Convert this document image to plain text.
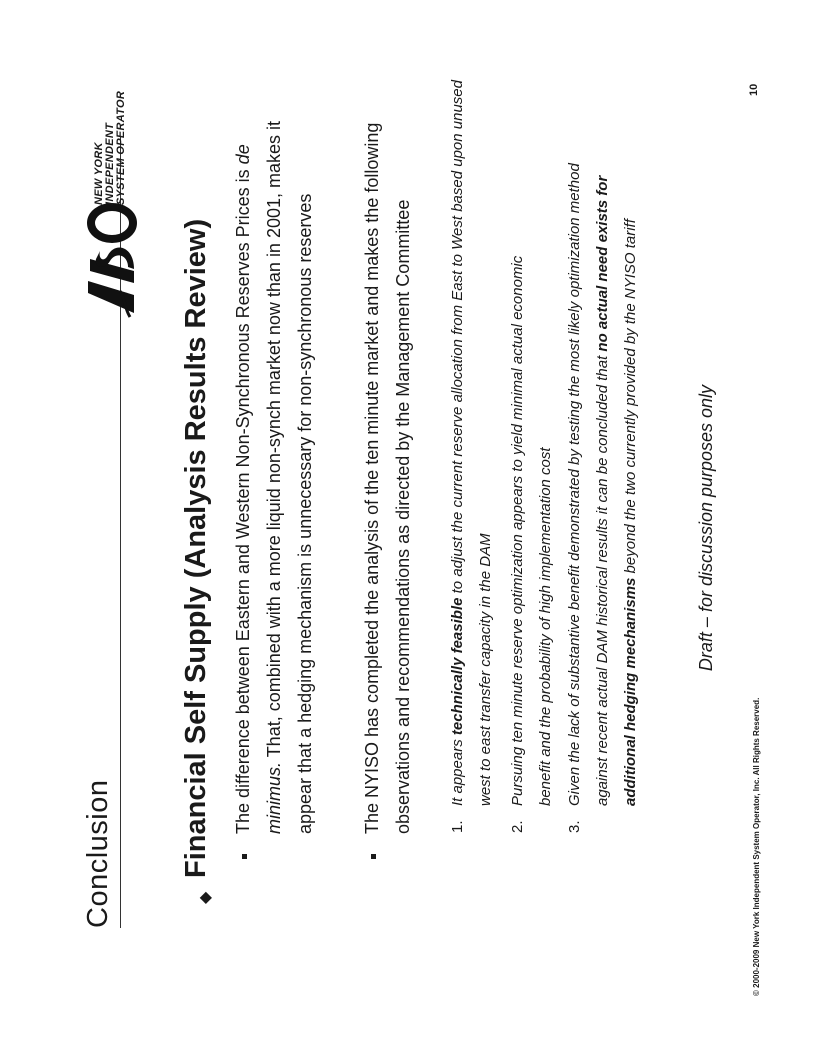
Conclusion
NEW YORK INDEPENDENT SYSTEM OPERATOR
◆
Financial Self Supply (Analysis Results Review) The difference between Eastern and Western Non-Synchronous Reserves Prices is de minimus. That, combined with a more liquid non-synch market now than in 2001, makes it appear that a hedging mechanism is unnecessary for non-synchronous reserves	The NYISO has completed the analysis of the ten minute market and makes the following observations and recommendations as directed by the Management Committee	1.
It appears technically feasible to adjust the current reserve allocation from East to West based upon unused west to east transfer capacity in the DAM
2.
Pursuing ten minute reserve optimization appears to yield minimal actual economic benefit and the probability of high implementation cost
3.
Given the lack of substantive benefit demonstrated by testing the most likely optimization method against recent actual DAM historical results it can be concluded that no actual need exists for additional hedging mechanisms beyond the two currently provided by the NYISO tariff	Draft – for discussion purposes only
© 2000-2009 New York Independent System Operator, Inc. All Rights Reserved.
10
